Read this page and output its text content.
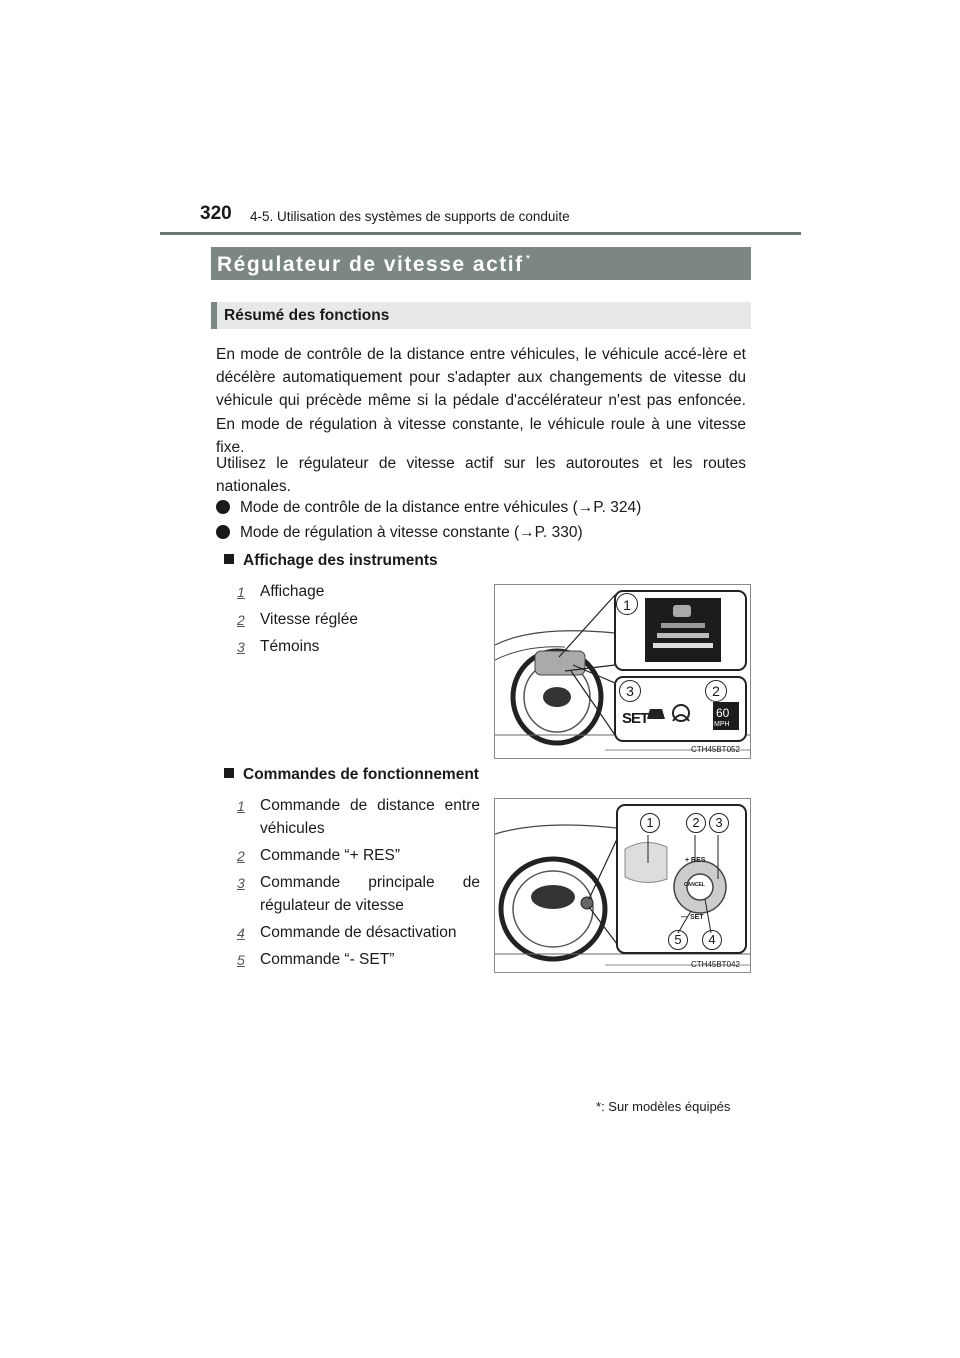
320 4-5. Utilisation des systèmes de supports de conduite
Régulateur de vitesse actif *
Résumé des fonctions
En mode de contrôle de la distance entre véhicules, le véhicule accé-lère et décélère automatiquement pour s'adapter aux changements de vitesse du véhicule qui précède même si la pédale d'accélérateur n'est pas enfoncée. En mode de régulation à vitesse constante, le véhicule roule à une vitesse fixe.
Utilisez le régulateur de vitesse actif sur les autoroutes et les routes nationales.
Mode de contrôle de la distance entre véhicules (→P. 324)
Mode de régulation à vitesse constante (→P. 330)
Affichage des instruments
1 Affichage
2 Vitesse réglée
3 Témoins
1
3	2
SET	60
MPH
CTH45BT052
Commandes de fonctionnement
1 Commande de distance entre véhicules
2 Commande “+ RES”
3 Commande principale de régulateur de vitesse
4 Commande de désactivation
5 Commande “- SET”
1	2	3
5	4
+ RES
CANCEL
— SET
CTH45BT042
*: Sur modèles équipés
